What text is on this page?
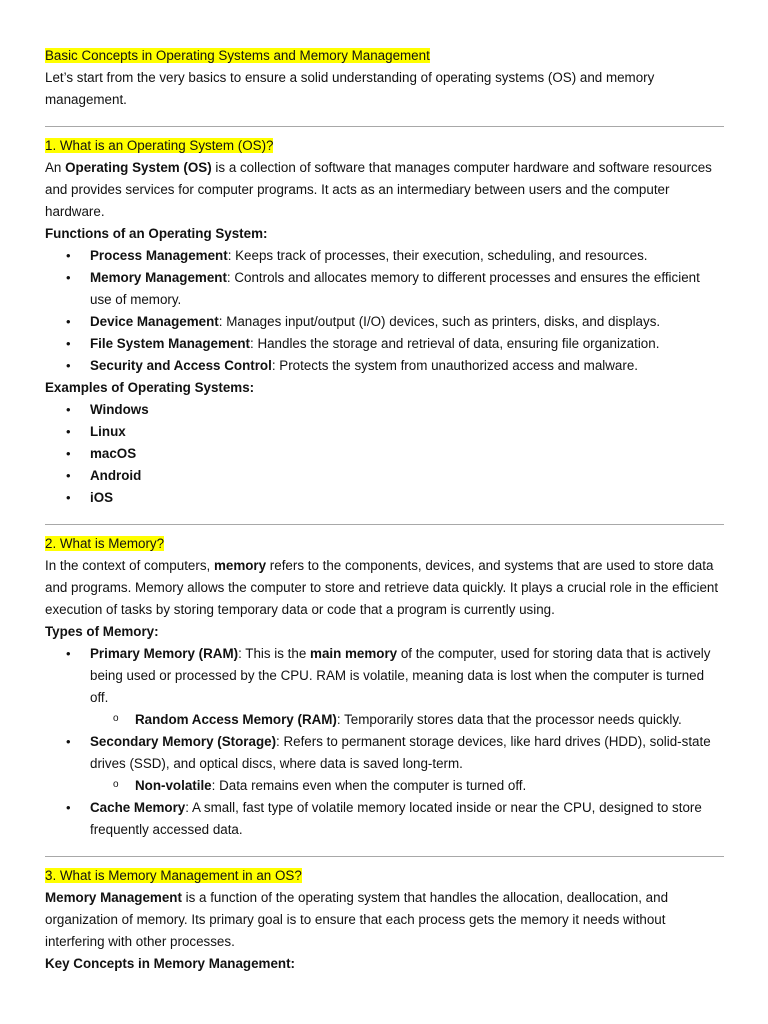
Basic Concepts in Operating Systems and Memory Management

Let’s start from the very basics to ensure a solid understanding of operating systems (OS) and memory management.

1. What is an Operating System (OS)?

An Operating System (OS) is a collection of software that manages computer hardware and software resources and provides services for computer programs. It acts as an intermediary between users and the computer hardware.

Functions of an Operating System:

• Process Management: Keeps track of processes, their execution, scheduling, and resources.
• Memory Management: Controls and allocates memory to different processes and ensures the efficient use of memory.
• Device Management: Manages input/output (I/O) devices, such as printers, disks, and displays.
• File System Management: Handles the storage and retrieval of data, ensuring file organization.
• Security and Access Control: Protects the system from unauthorized access and malware.

Examples of Operating Systems:

• Windows
• Linux
• macOS
• Android
• iOS

2. What is Memory?

In the context of computers, memory refers to the components, devices, and systems that are used to store data and programs. Memory allows the computer to store and retrieve data quickly. It plays a crucial role in the efficient execution of tasks by storing temporary data or code that a program is currently using.

Types of Memory:

• Primary Memory (RAM): This is the main memory of the computer, used for storing data that is actively being used or processed by the CPU. RAM is volatile, meaning data is lost when the computer is turned off.
o Random Access Memory (RAM): Temporarily stores data that the processor needs quickly.
• Secondary Memory (Storage): Refers to permanent storage devices, like hard drives (HDD), solid-state drives (SSD), and optical discs, where data is saved long-term.
o Non-volatile: Data remains even when the computer is turned off.
• Cache Memory: A small, fast type of volatile memory located inside or near the CPU, designed to store frequently accessed data.

3. What is Memory Management in an OS?

Memory Management is a function of the operating system that handles the allocation, deallocation, and organization of memory. Its primary goal is to ensure that each process gets the memory it needs without interfering with other processes.

Key Concepts in Memory Management:
